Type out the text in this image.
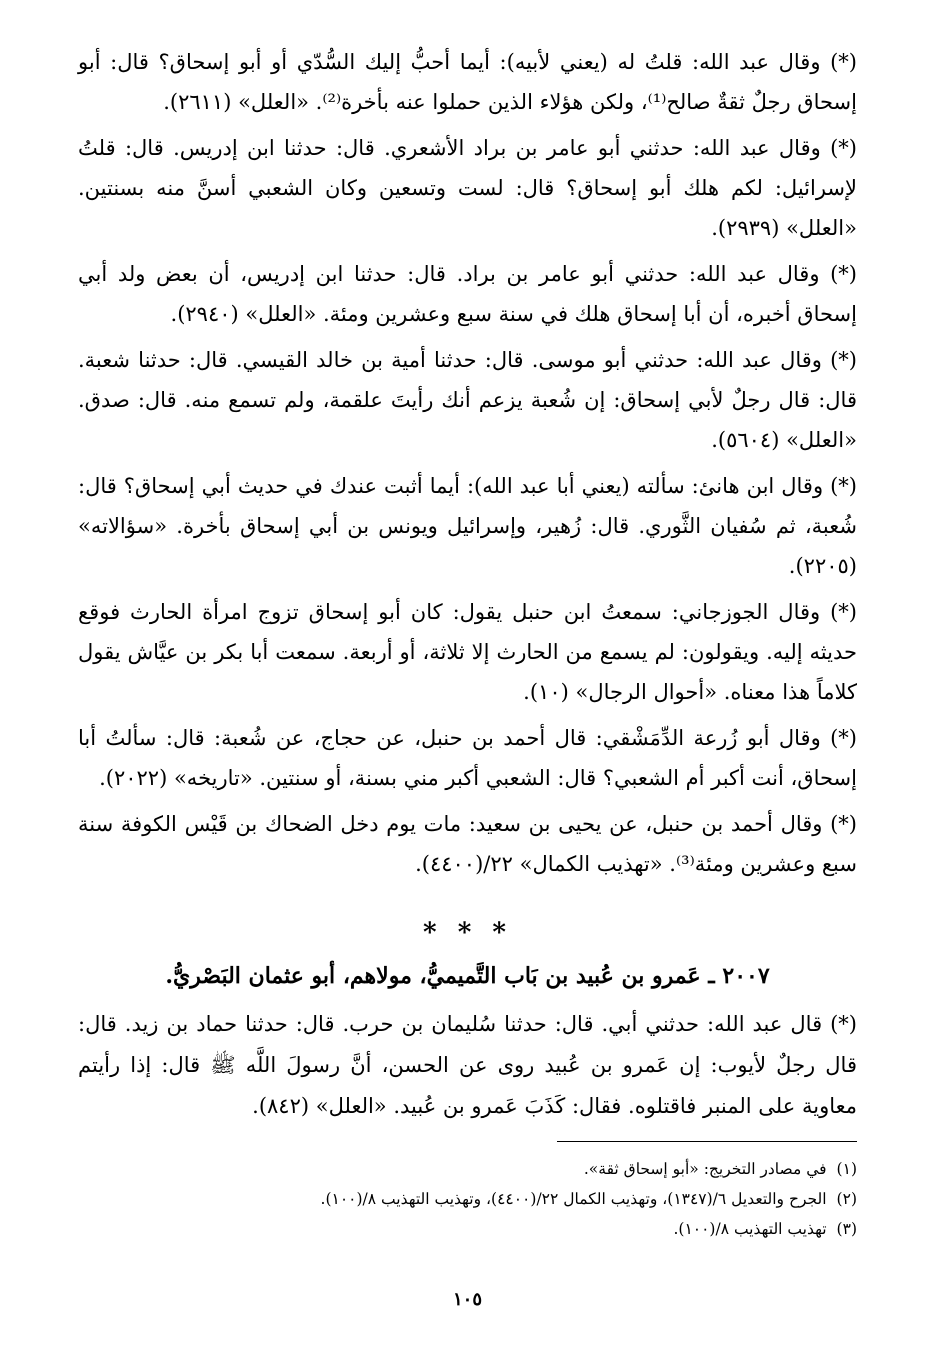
(*) وقال عبد الله: قلتُ له (يعني لأبيه): أيما أحبُّ إليك السُّدّي أو أبو إسحاق؟ قال: أبو إسحاق رجلٌ ثقةٌ صالح⁽¹⁾، ولكن هؤلاء الذين حملوا عنه بأخرة⁽²⁾. «العلل» (٢٦١١).

(*) وقال عبد الله: حدثني أبو عامر بن براد الأشعري. قال: حدثنا ابن إدريس. قال: قلتُ لإسرائيل: لكم هلك أبو إسحاق؟ قال: لست وتسعين وكان الشعبي أسنَّ منه بسنتين. «العلل» (٢٩٣٩).

(*) وقال عبد الله: حدثني أبو عامر بن براد. قال: حدثنا ابن إدريس، أن بعض ولد أبي إسحاق أخبره، أن أبا إسحاق هلك في سنة سبع وعشرين ومئة. «العلل» (٢٩٤٠).

(*) وقال عبد الله: حدثني أبو موسى. قال: حدثنا أمية بن خالد القيسي. قال: حدثنا شعبة. قال: قال رجلٌ لأبي إسحاق: إن شُعبة يزعم أنك رأيتَ علقمة، ولم تسمع منه. قال: صدق. «العلل» (٥٦٠٤).

(*) وقال ابن هانئ: سألته (يعني أبا عبد الله): أيما أثبت عندك في حديث أبي إسحاق؟ قال: شُعبة، ثم سُفيان الثَّوري. قال: زُهير، وإسرائيل ويونس بن أبي إسحاق بأخرة. «سؤالاته» (٢٢٠٥).

(*) وقال الجوزجاني: سمعتُ ابن حنبل يقول: كان أبو إسحاق تزوج امرأة الحارث فوقع حديثه إليه. ويقولون: لم يسمع من الحارث إلا ثلاثة، أو أربعة. سمعت أبا بكر بن عيَّاش يقول كلاماً هذا معناه. «أحوال الرجال» (١٠).

(*) وقال أبو زُرعة الدِّمَشْقي: قال أحمد بن حنبل، عن حجاج، عن شُعبة: قال: سألتُ أبا إسحاق، أنت أكبر أم الشعبي؟ قال: الشعبي أكبر مني بسنة، أو سنتين. «تاريخه» (٢٠٢٢).

(*) وقال أحمد بن حنبل، عن يحيى بن سعيد: مات يوم دخل الضحاك بن قَيْس الكوفة سنة سبع وعشرين ومئة⁽³⁾. «تهذيب الكمال» ٢٢/(٤٤٠٠).

* * *
٢٠٠٧ ـ عَمرو بن عُبيد بن بَاب التَّميميُّ، مولاهم، أبو عثمان البَصْريُّ.
(*) قال عبد الله: حدثني أبي. قال: حدثنا سُليمان بن حرب. قال: حدثنا حماد بن زيد. قال: قال رجلٌ لأيوب: إن عَمرو بن عُبيد روى عن الحسن، أنَّ رسولَ اللَّه ﷺ قال: إذا رأيتم معاوية على المنبر فاقتلوه. فقال: كَذَبَ عَمرو بن عُبيد. «العلل» (٨٤٢).
(١)
في مصادر التخريج: «أبو إسحاق ثقة».
(٢)
الجرح والتعديل ٦/(١٣٤٧)، وتهذيب الكمال ٢٢/(٤٤٠٠)، وتهذيب التهذيب ٨/(١٠٠).
(٣)
تهذيب التهذيب ٨/(١٠٠).
١٠٥
